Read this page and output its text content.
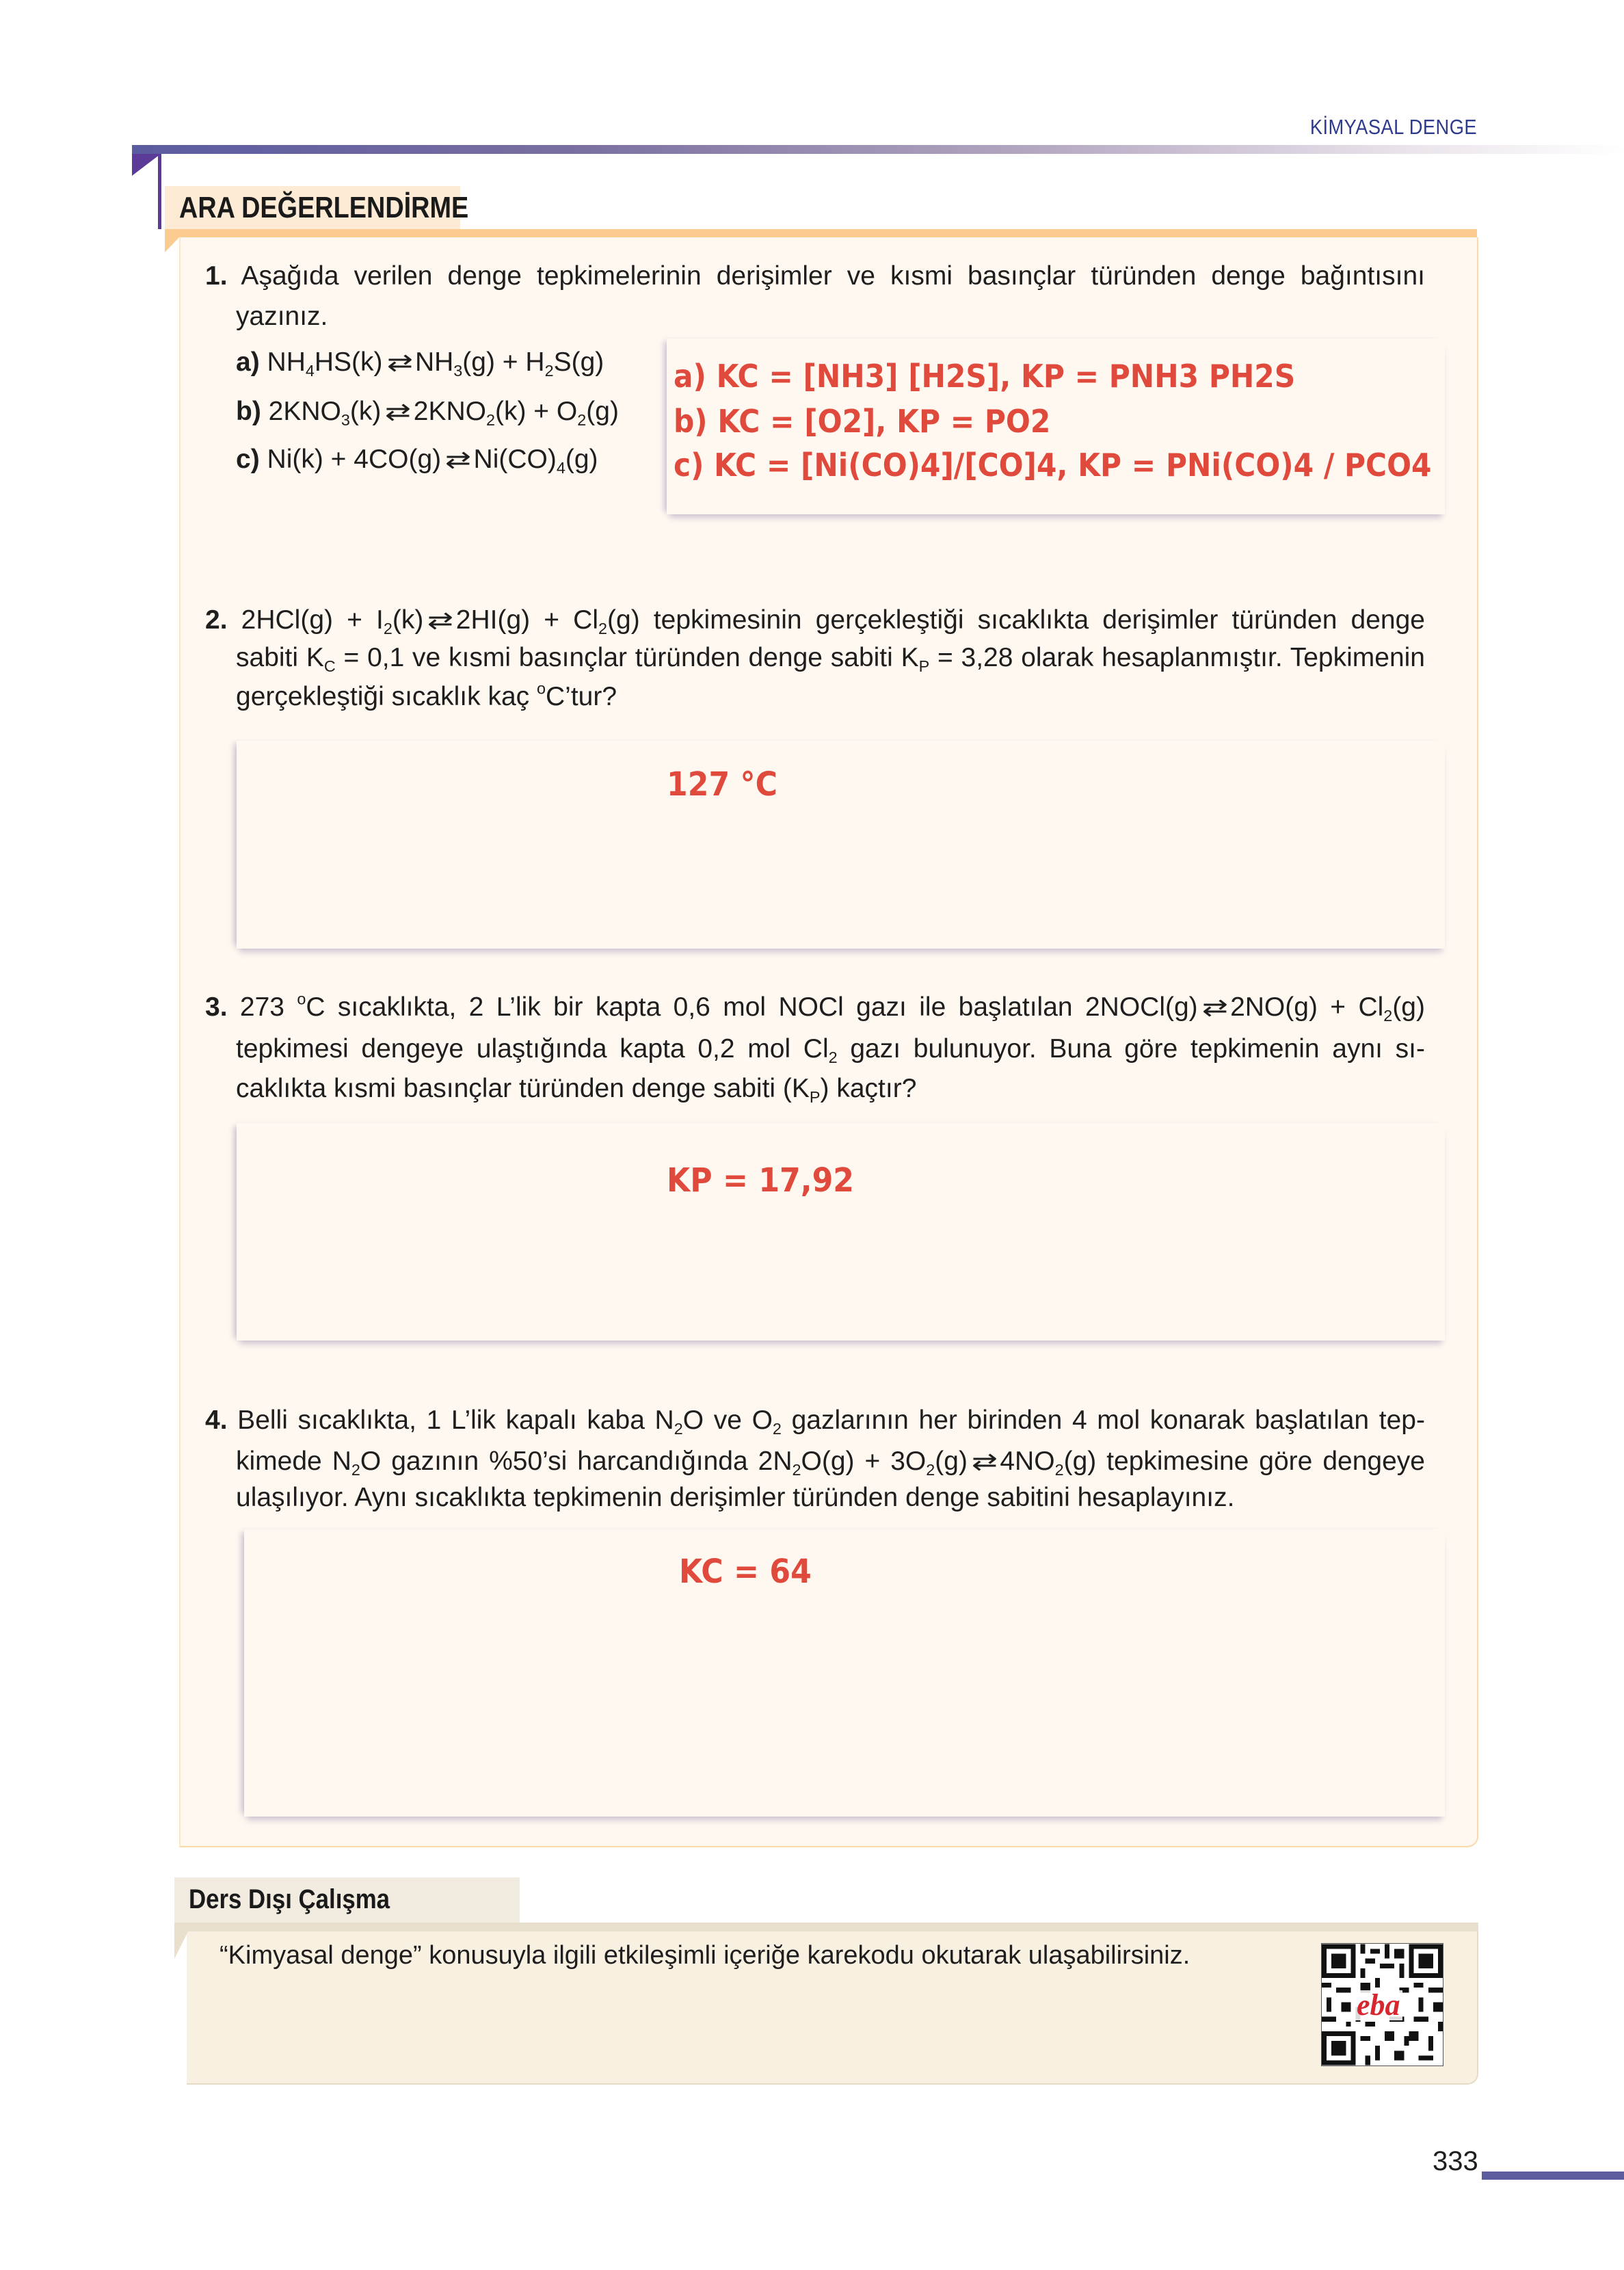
KİMYASAL DENGE
ARA DEĞERLENDİRME
1. Aşağıda verilen denge tepkimelerinin derişimler ve kısmi basınçlar türünden denge bağıntısını
yazınız.
a) $NH_4HS(k)$ ⇄ $NH_3(g) + H_2S(g)$
b) $2KNO_3(k)$ ⇄ $2KNO_2(k) + O_2(g)$
c) Ni(k) + 4CO(g) ⇄ $Ni(CO)_4(g)$
a) KC = [NH3] [H2S], KP = PNH3 PH2S
b) KC = [O2], KP = PO2
c) KC = [Ni(CO)4]/[CO]4, KP = PNi(CO)4 / PCO4
2. $2HCl(g) + I_2(k)$ ⇄ $2HI(g) + Cl_2(g)$ tepkimesinin gerçekleştiği sıcaklıkta derişimler türünden denge
sabiti $K_C = 0,1$ ve kısmi basınçlar türünden denge sabiti $K_P = 3,28$ olarak hesaplanmıştır. Tepkimenin
gerçekleştiği sıcaklık kaç $^o$C’tur?
127 °C
3. 273 $^o$C sıcaklıkta, 2 L’lik bir kapta 0,6 mol NOCl gazı ile başlatılan 2NOCl(g) ⇄ $2NO(g) + Cl_2(g)$
tepkimesi dengeye ulaştığında kapta 0,2 mol $Cl_2$ gazı bulunuyor. Buna göre tepkimenin aynı sı-
caklıkta kısmi basınçlar türünden denge sabiti $(K_P)$ kaçtır?
KP = 17,92
4. Belli sıcaklıkta, 1 L’lik kapalı kaba $N_2O$ ve $O_2$ gazlarının her birinden 4 mol konarak başlatılan tep-
kimede $N_2O$ gazının %50’si harcandığında $2N_2O(g) + 3O_2(g)$ ⇄ $4NO_2(g)$ tepkimesine göre dengeye
ulaşılıyor. Aynı sıcaklıkta tepkimenin derişimler türünden denge sabitini hesaplayınız.
KC = 64
Ders Dışı Çalışma
“Kimyasal denge” konusuyla ilgili etkileşimli içeriğe karekodu okutarak ulaşabilirsiniz.
eba
333
